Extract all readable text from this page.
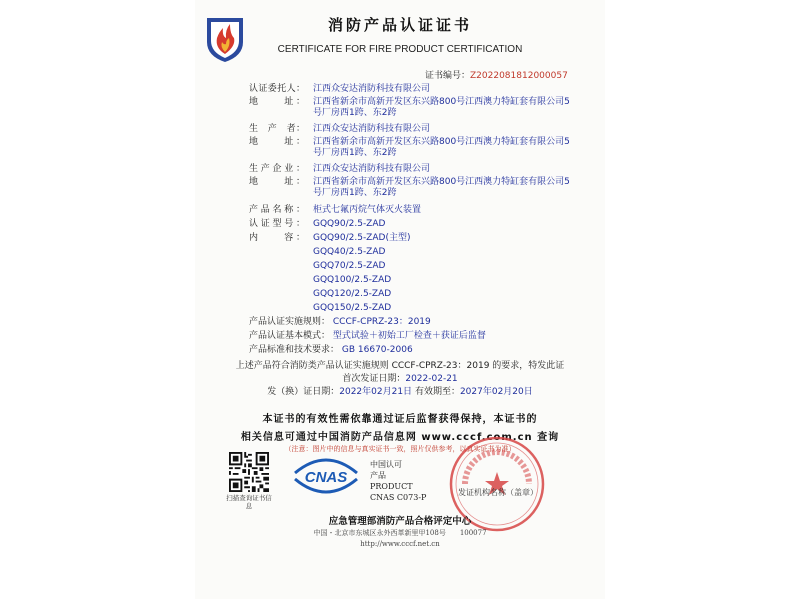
消防产品认证证书
CERTIFICATE FOR FIRE PRODUCT CERTIFICATION
证书编号：Z2022081812000057
认证委托人： 江西众安达消防科技有限公司
地　　址： 江西省新余市高新开发区东兴路800号江西澳力特缸套有限公司5号厂房西1跨、东2跨
生　产　者： 江西众安达消防科技有限公司
地　　址： 江西省新余市高新开发区东兴路800号江西澳力特缸套有限公司5号厂房西1跨、东2跨
生产企业： 江西众安达消防科技有限公司
地　　址： 江西省新余市高新开发区东兴路800号江西澳力特缸套有限公司5号厂房西1跨、东2跨
产品名称： 柜式七氟丙烷气体灭火装置
认证型号： GQQ90/2.5-ZAD
内　　容： GQQ90/2.5-ZAD(主型)
GQQ40/2.5-ZAD
GQQ70/2.5-ZAD
GQQ100/2.5-ZAD
GQQ120/2.5-ZAD
GQQ150/2.5-ZAD
产品认证实施规则： CCCF-CPRZ-23：2019
产品认证基本模式： 型式试验＋初始工厂检查＋获证后监督
产品标准和技术要求： GB 16670-2006
上述产品符合消防类产品认证实施规则 CCCF-CPRZ-23：2019 的要求，特发此证
首次发证日期：2022-02-21
发（换）证日期：2022年02月21日 有效期至：2027年02月20日
本证书的有效性需依靠通过证后监督获得保持，本证书的
相关信息可通过中国消防产品信息网 www.cccf.com.cn 查询
（注意：图片中的信息与真实证书一致，照片仅供参考，以真实证书为准）
扫描查询证书信息
CNAS
中国认可
产品
PRODUCT
CNAS C073-P
发证机构名称（盖章）
应急管理部消防产品合格评定中心
中国・北京市东城区永外西革新里甲108号　　100077
http://www.cccf.net.cn
